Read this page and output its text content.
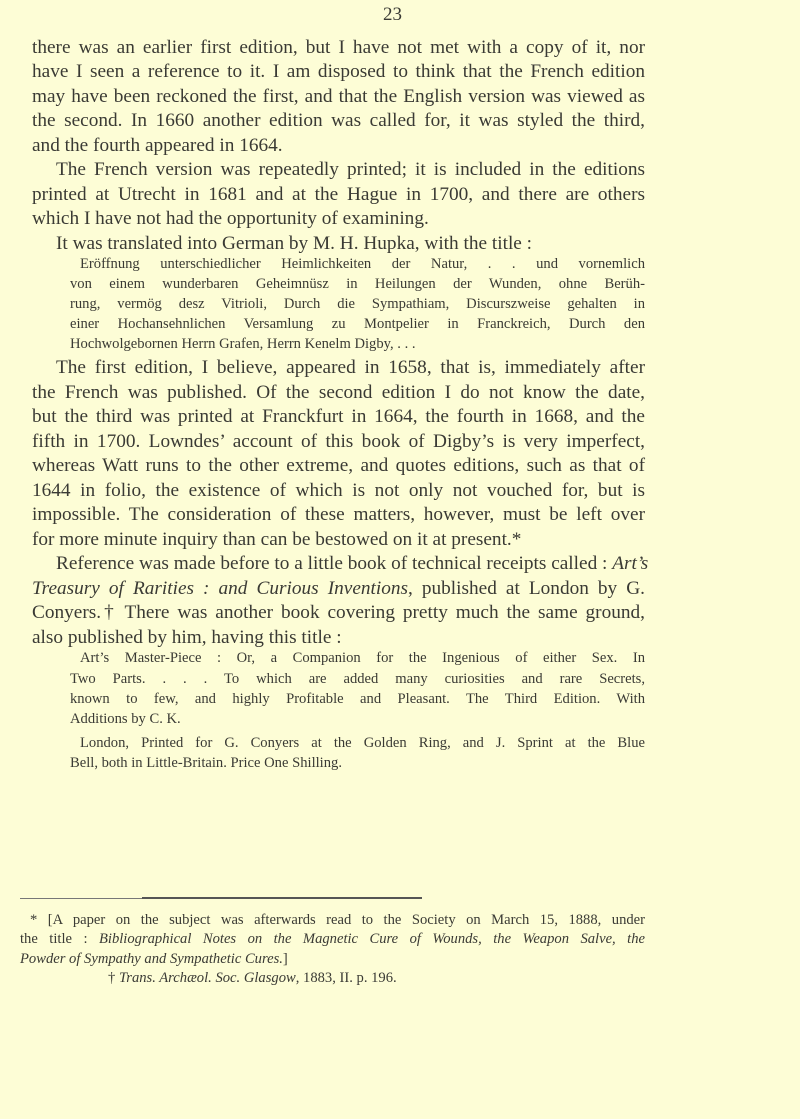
23
there was an earlier first edition, but I have not met with a copy of it, nor
have I seen a reference to it. I am disposed to think that the French edition
may have been reckoned the first, and that the English version was viewed as
the second. In 1660 another edition was called for, it was styled the third,
and the fourth appeared in 1664.
The French version was repeatedly printed; it is included in the editions
printed at Utrecht in 1681 and at the Hague in 1700, and there are others
which I have not had the opportunity of examining.
It was translated into German by M. H. Hupka, with the title :
Eröffnung unterschiedlicher Heimlichkeiten der Natur, . . und vornemlich
von einem wunderbaren Geheimnüsz in Heilungen der Wunden, ohne Berüh-
rung, vermög desz Vitrioli, Durch die Sympathiam, Discurszweise gehalten in
einer Hochansehnlichen Versamlung zu Montpelier in Franckreich, Durch den
Hochwolgebornen Herrn Grafen, Herrn Kenelm Digby, . . .
The first edition, I believe, appeared in 1658, that is, immediately after
the French was published. Of the second edition I do not know the date,
but the third was printed at Franckfurt in 1664, the fourth in 1668, and the
fifth in 1700. Lowndes’ account of this book of Digby’s is very imperfect,
whereas Watt runs to the other extreme, and quotes editions, such as that of
1644 in folio, the existence of which is not only not vouched for, but is
impossible. The consideration of these matters, however, must be left over
for more minute inquiry than can be bestowed on it at present.*
Reference was made before to a little book of technical receipts called : Art’s
Treasury of Rarities : and Curious Inventions, published at London by G.
Conyers.† There was another book covering pretty much the same ground,
also published by him, having this title :
Art’s Master-Piece : Or, a Companion for the Ingenious of either Sex. In
Two Parts. . . . To which are added many curiosities and rare Secrets,
known to few, and highly Profitable and Pleasant. The Third Edition. With
Additions by C. K.
London, Printed for G. Conyers at the Golden Ring, and J. Sprint at the Blue
Bell, both in Little-Britain. Price One Shilling.
* [A paper on the subject was afterwards read to the Society on March 15, 1888, under
the title : Bibliographical Notes on the Magnetic Cure of Wounds, the Weapon Salve, the
Powder of Sympathy and Sympathetic Cures.]
† Trans. Archæol. Soc. Glasgow, 1883, II. p. 196.
